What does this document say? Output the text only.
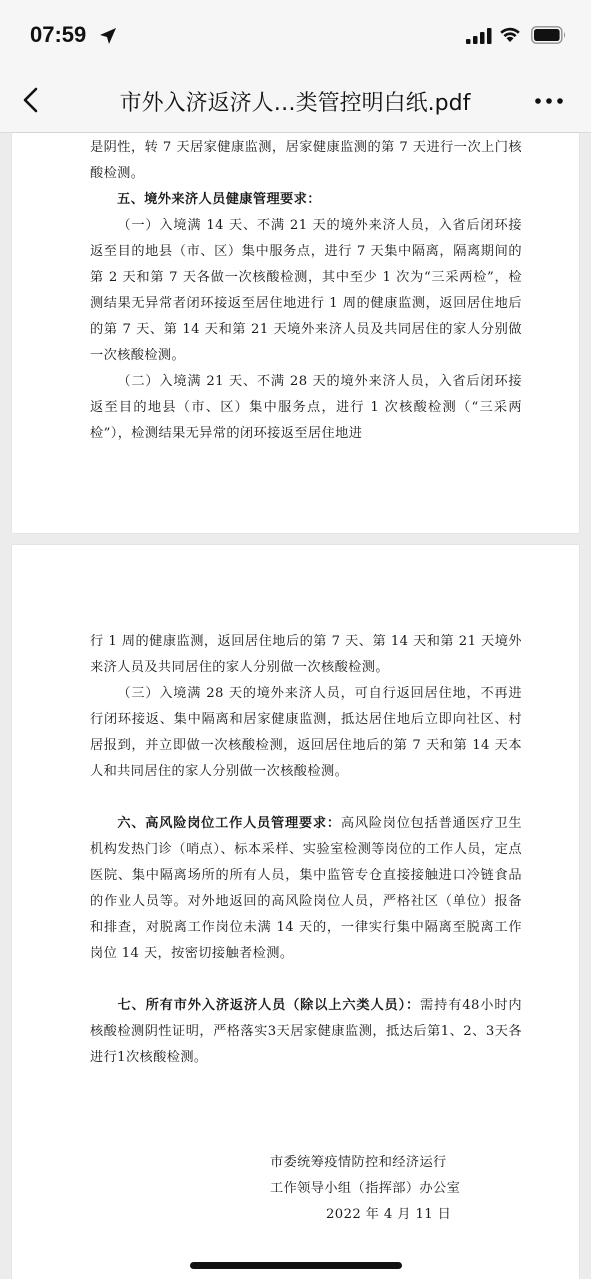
07:59
市外入济返济人…类管控明白纸.pdf
是阴性，转 7 天居家健康监测，居家健康监测的第 7 天进行一次上门核酸检测。
五、境外来济人员健康管理要求：
（一）入境满 14 天、不满 21 天的境外来济人员，入省后闭环接返至目的地县（市、区）集中服务点，进行 7 天集中隔离，隔离期间的第 2 天和第 7 天各做一次核酸检测，其中至少 1 次为“三采两检”，检测结果无异常者闭环接返至居住地进行 1 周的健康监测，返回居住地后的第 7 天、第 14 天和第 21 天境外来济人员及共同居住的家人分别做一次核酸检测。
（二）入境满 21 天、不满 28 天的境外来济人员，入省后闭环接返至目的地县（市、区）集中服务点，进行 1 次核酸检测（“三采两检”），检测结果无异常的闭环接返至居住地进
行 1 周的健康监测，返回居住地后的第 7 天、第 14 天和第 21 天境外来济人员及共同居住的家人分别做一次核酸检测。
（三）入境满 28 天的境外来济人员，可自行返回居住地，不再进行闭环接返、集中隔离和居家健康监测，抵达居住地后立即向社区、村居报到，并立即做一次核酸检测，返回居住地后的第 7 天和第 14 天本人和共同居住的家人分别做一次核酸检测。
六、高风险岗位工作人员管理要求：高风险岗位包括普通医疗卫生机构发热门诊（哨点）、标本采样、实验室检测等岗位的工作人员，定点医院、集中隔离场所的所有人员，集中监管专仓直接接触进口冷链食品的作业人员等。对外地返回的高风险岗位人员，严格社区（单位）报备和排查，对脱离工作岗位未满 14 天的，一律实行集中隔离至脱离工作岗位 14 天，按密切接触者检测。
七、所有市外入济返济人员（除以上六类人员）：需持有48小时内核酸检测阴性证明，严格落实3天居家健康监测，抵达后第1、2、3天各进行1次核酸检测。
市委统筹疫情防控和经济运行
工作领导小组（指挥部）办公室
2022 年 4 月 11 日
